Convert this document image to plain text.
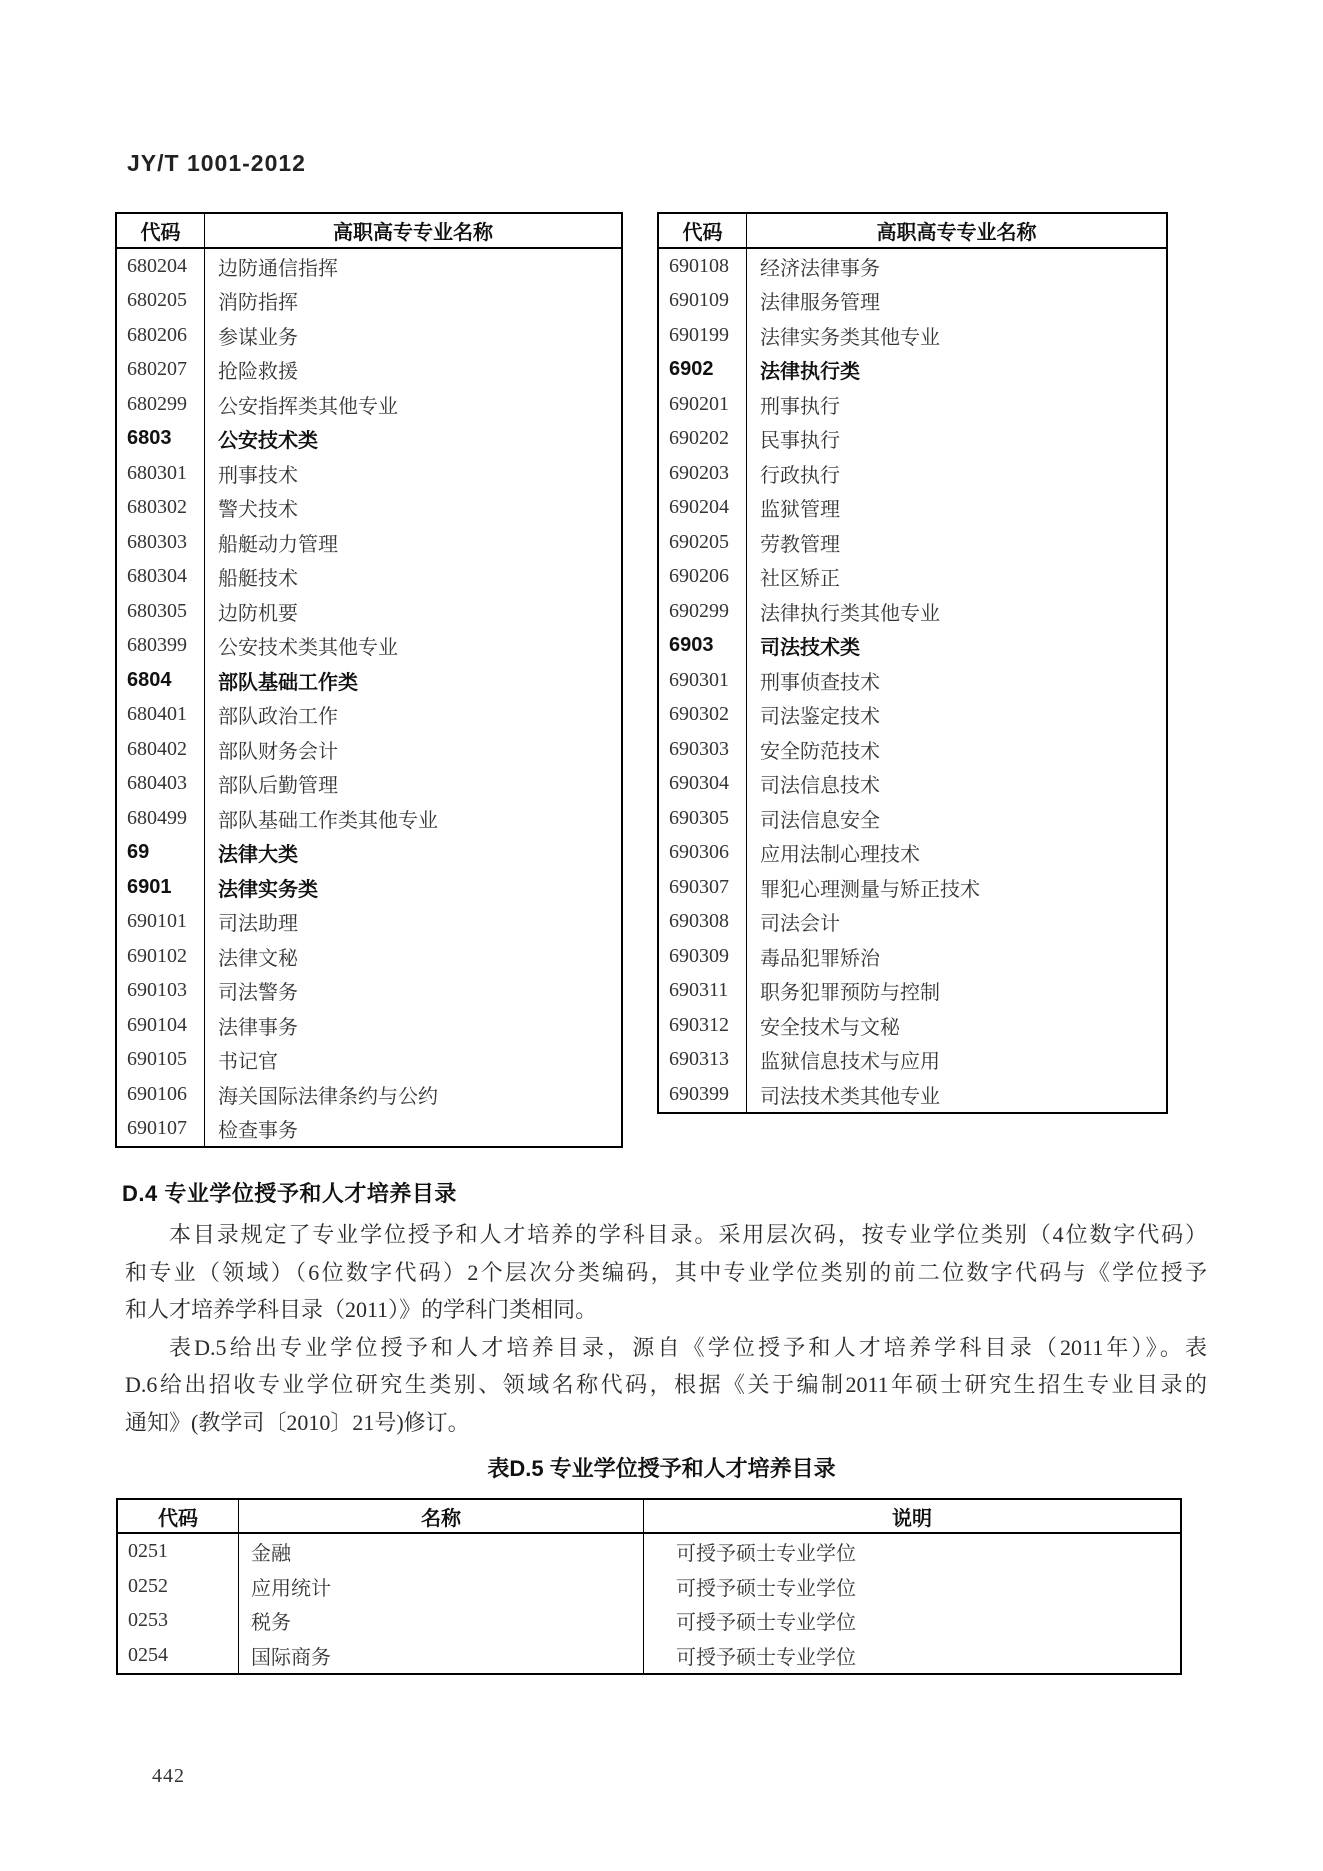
JY/T 1001-2012
代码	高职高专专业名称
680204	边防通信指挥
680205	消防指挥
680206	参谋业务
680207	抢险救援
680299	公安指挥类其他专业
6803	公安技术类
680301	刑事技术
680302	警犬技术
680303	船艇动力管理
680304	船艇技术
680305	边防机要
680399	公安技术类其他专业
6804	部队基础工作类
680401	部队政治工作
680402	部队财务会计
680403	部队后勤管理
680499	部队基础工作类其他专业
69	法律大类
6901	法律实务类
690101	司法助理
690102	法律文秘
690103	司法警务
690104	法律事务
690105	书记官
690106	海关国际法律条约与公约
690107	检查事务
代码	高职高专专业名称
690108	经济法律事务
690109	法律服务管理
690199	法律实务类其他专业
6902	法律执行类
690201	刑事执行
690202	民事执行
690203	行政执行
690204	监狱管理
690205	劳教管理
690206	社区矫正
690299	法律执行类其他专业
6903	司法技术类
690301	刑事侦查技术
690302	司法鉴定技术
690303	安全防范技术
690304	司法信息技术
690305	司法信息安全
690306	应用法制心理技术
690307	罪犯心理测量与矫正技术
690308	司法会计
690309	毒品犯罪矫治
690311	职务犯罪预防与控制
690312	安全技术与文秘
690313	监狱信息技术与应用
690399	司法技术类其他专业
D.4 专业学位授予和人才培养目录
本目录规定了专业学位授予和人才培养的学科目录。采用层次码，按专业学位类别（4位数字代码）
和专业（领域）（6位数字代码）2个层次分类编码，其中专业学位类别的前二位数字代码与《学位授予
和人才培养学科目录（2011）》的学科门类相同。
表D.5给出专业学位授予和人才培养目录，源自《学位授予和人才培养学科目录（2011年）》。表
D.6给出招收专业学位研究生类别、领域名称代码，根据《关于编制2011年硕士研究生招生专业目录的
通知》(教学司〔2010〕21号)修订。
表D.5 专业学位授予和人才培养目录
代码	名称	说明
0251	金融	可授予硕士专业学位
0252	应用统计	可授予硕士专业学位
0253	税务	可授予硕士专业学位
0254	国际商务	可授予硕士专业学位
442
